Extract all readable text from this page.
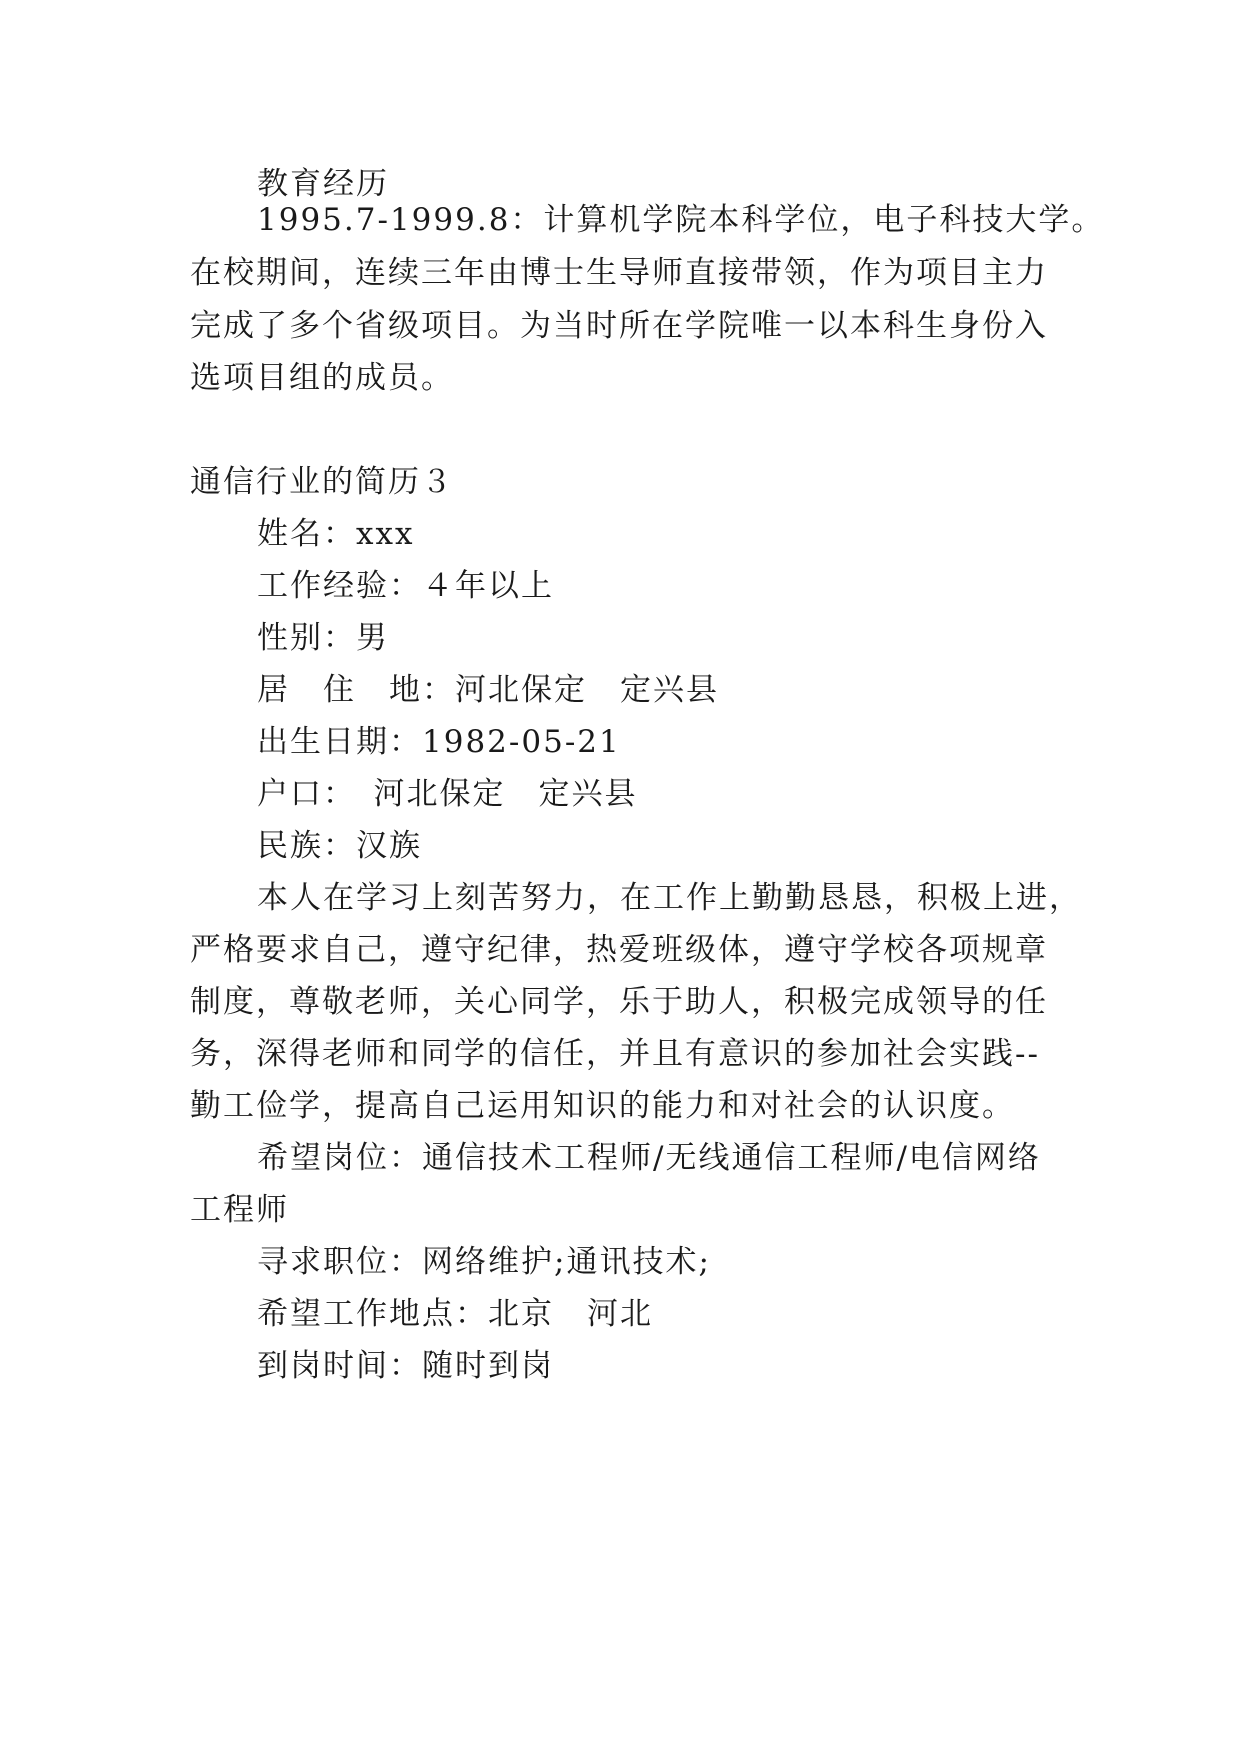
教育经历
1995.7-1999.8：计算机学院本科学位，电子科技大学。
在校期间，连续三年由博士生导师直接带领，作为项目主力
完成了多个省级项目。为当时所在学院唯一以本科生身份入
选项目组的成员。
通信行业的简历３
姓名：xxx
工作经验：４年以上
性别：男
居　住　地：河北保定　定兴县
出生日期：1982-05-21
户口：　河北保定　定兴县
民族：汉族
本人在学习上刻苦努力，在工作上勤勤恳恳，积极上进，
严格要求自己，遵守纪律，热爱班级体，遵守学校各项规章
制度，尊敬老师，关心同学，乐于助人，积极完成领导的任
务，深得老师和同学的信任，并且有意识的参加社会实践--
勤工俭学，提高自己运用知识的能力和对社会的认识度。
希望岗位：通信技术工程师/无线通信工程师/电信网络
工程师
寻求职位：网络维护;通讯技术;
希望工作地点：北京　河北
到岗时间：随时到岗
